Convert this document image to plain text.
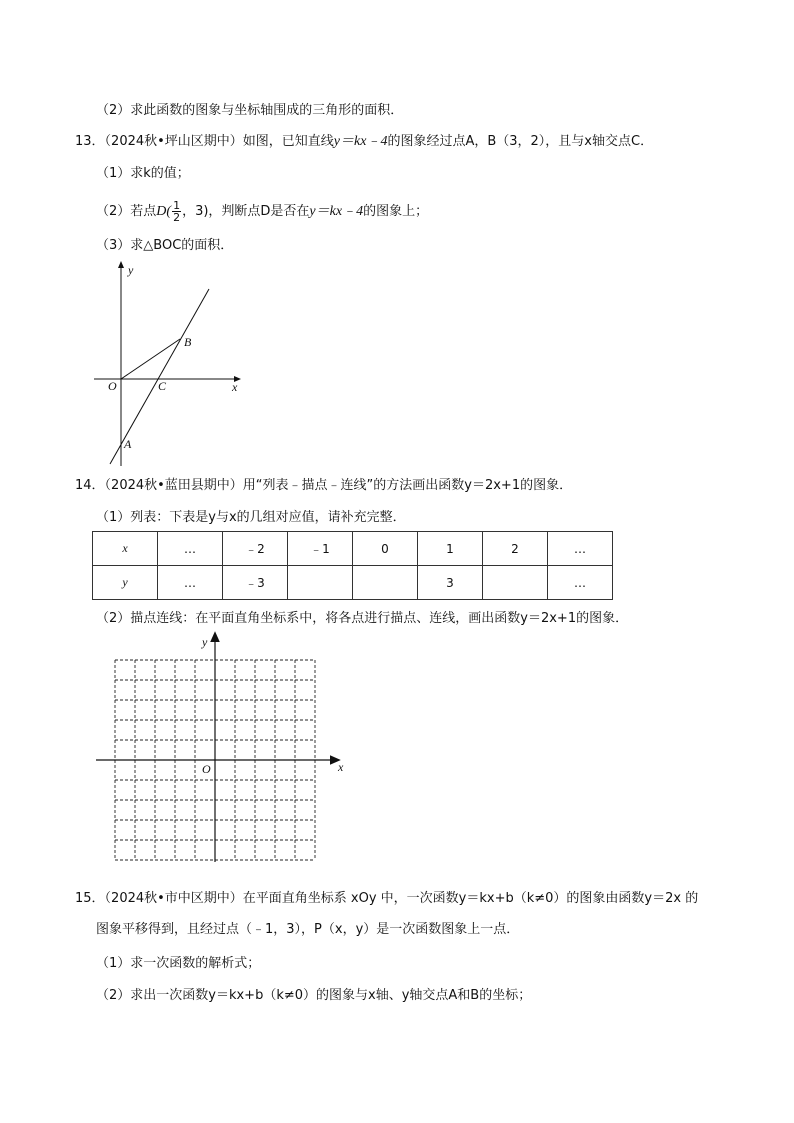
（2）求此函数的图象与坐标轴围成的三角形的面积．
13．（2024秋•坪山区期中）如图，已知直线y＝kx﹣4的图象经过点A，B（3，2），且与x轴交点C．
（1）求k的值；
（2）若点$D( \frac{1}{2}$ ，3)，判断点D是否在y＝kx﹣4的图象上；
（3）求△BOC的面积．
y
x
O	C
B
A
14．（2024秋•蓝田县期中）用“列表﹣描点﹣连线”的方法画出函数y＝2x+1的图象．
（1）列表：下表是y与x的几组对应值，请补充完整．
x	…	﹣2	﹣1	0	1	2	…
y	…	﹣3			3		…
（2）描点连线：在平面直角坐标系中，将各点进行描点、连线，画出函数y＝2x+1的图象．
y
x
O
15．（2024秋•市中区期中）在平面直角坐标系 xOy 中，一次函数y＝kx+b（k≠0）的图象由函数y＝2x 的
图象平移得到，且经过点（﹣1，3），P（x，y）是一次函数图象上一点．
（1）求一次函数的解析式；
（2）求出一次函数y＝kx+b（k≠0）的图象与x轴、y轴交点A和B的坐标；
